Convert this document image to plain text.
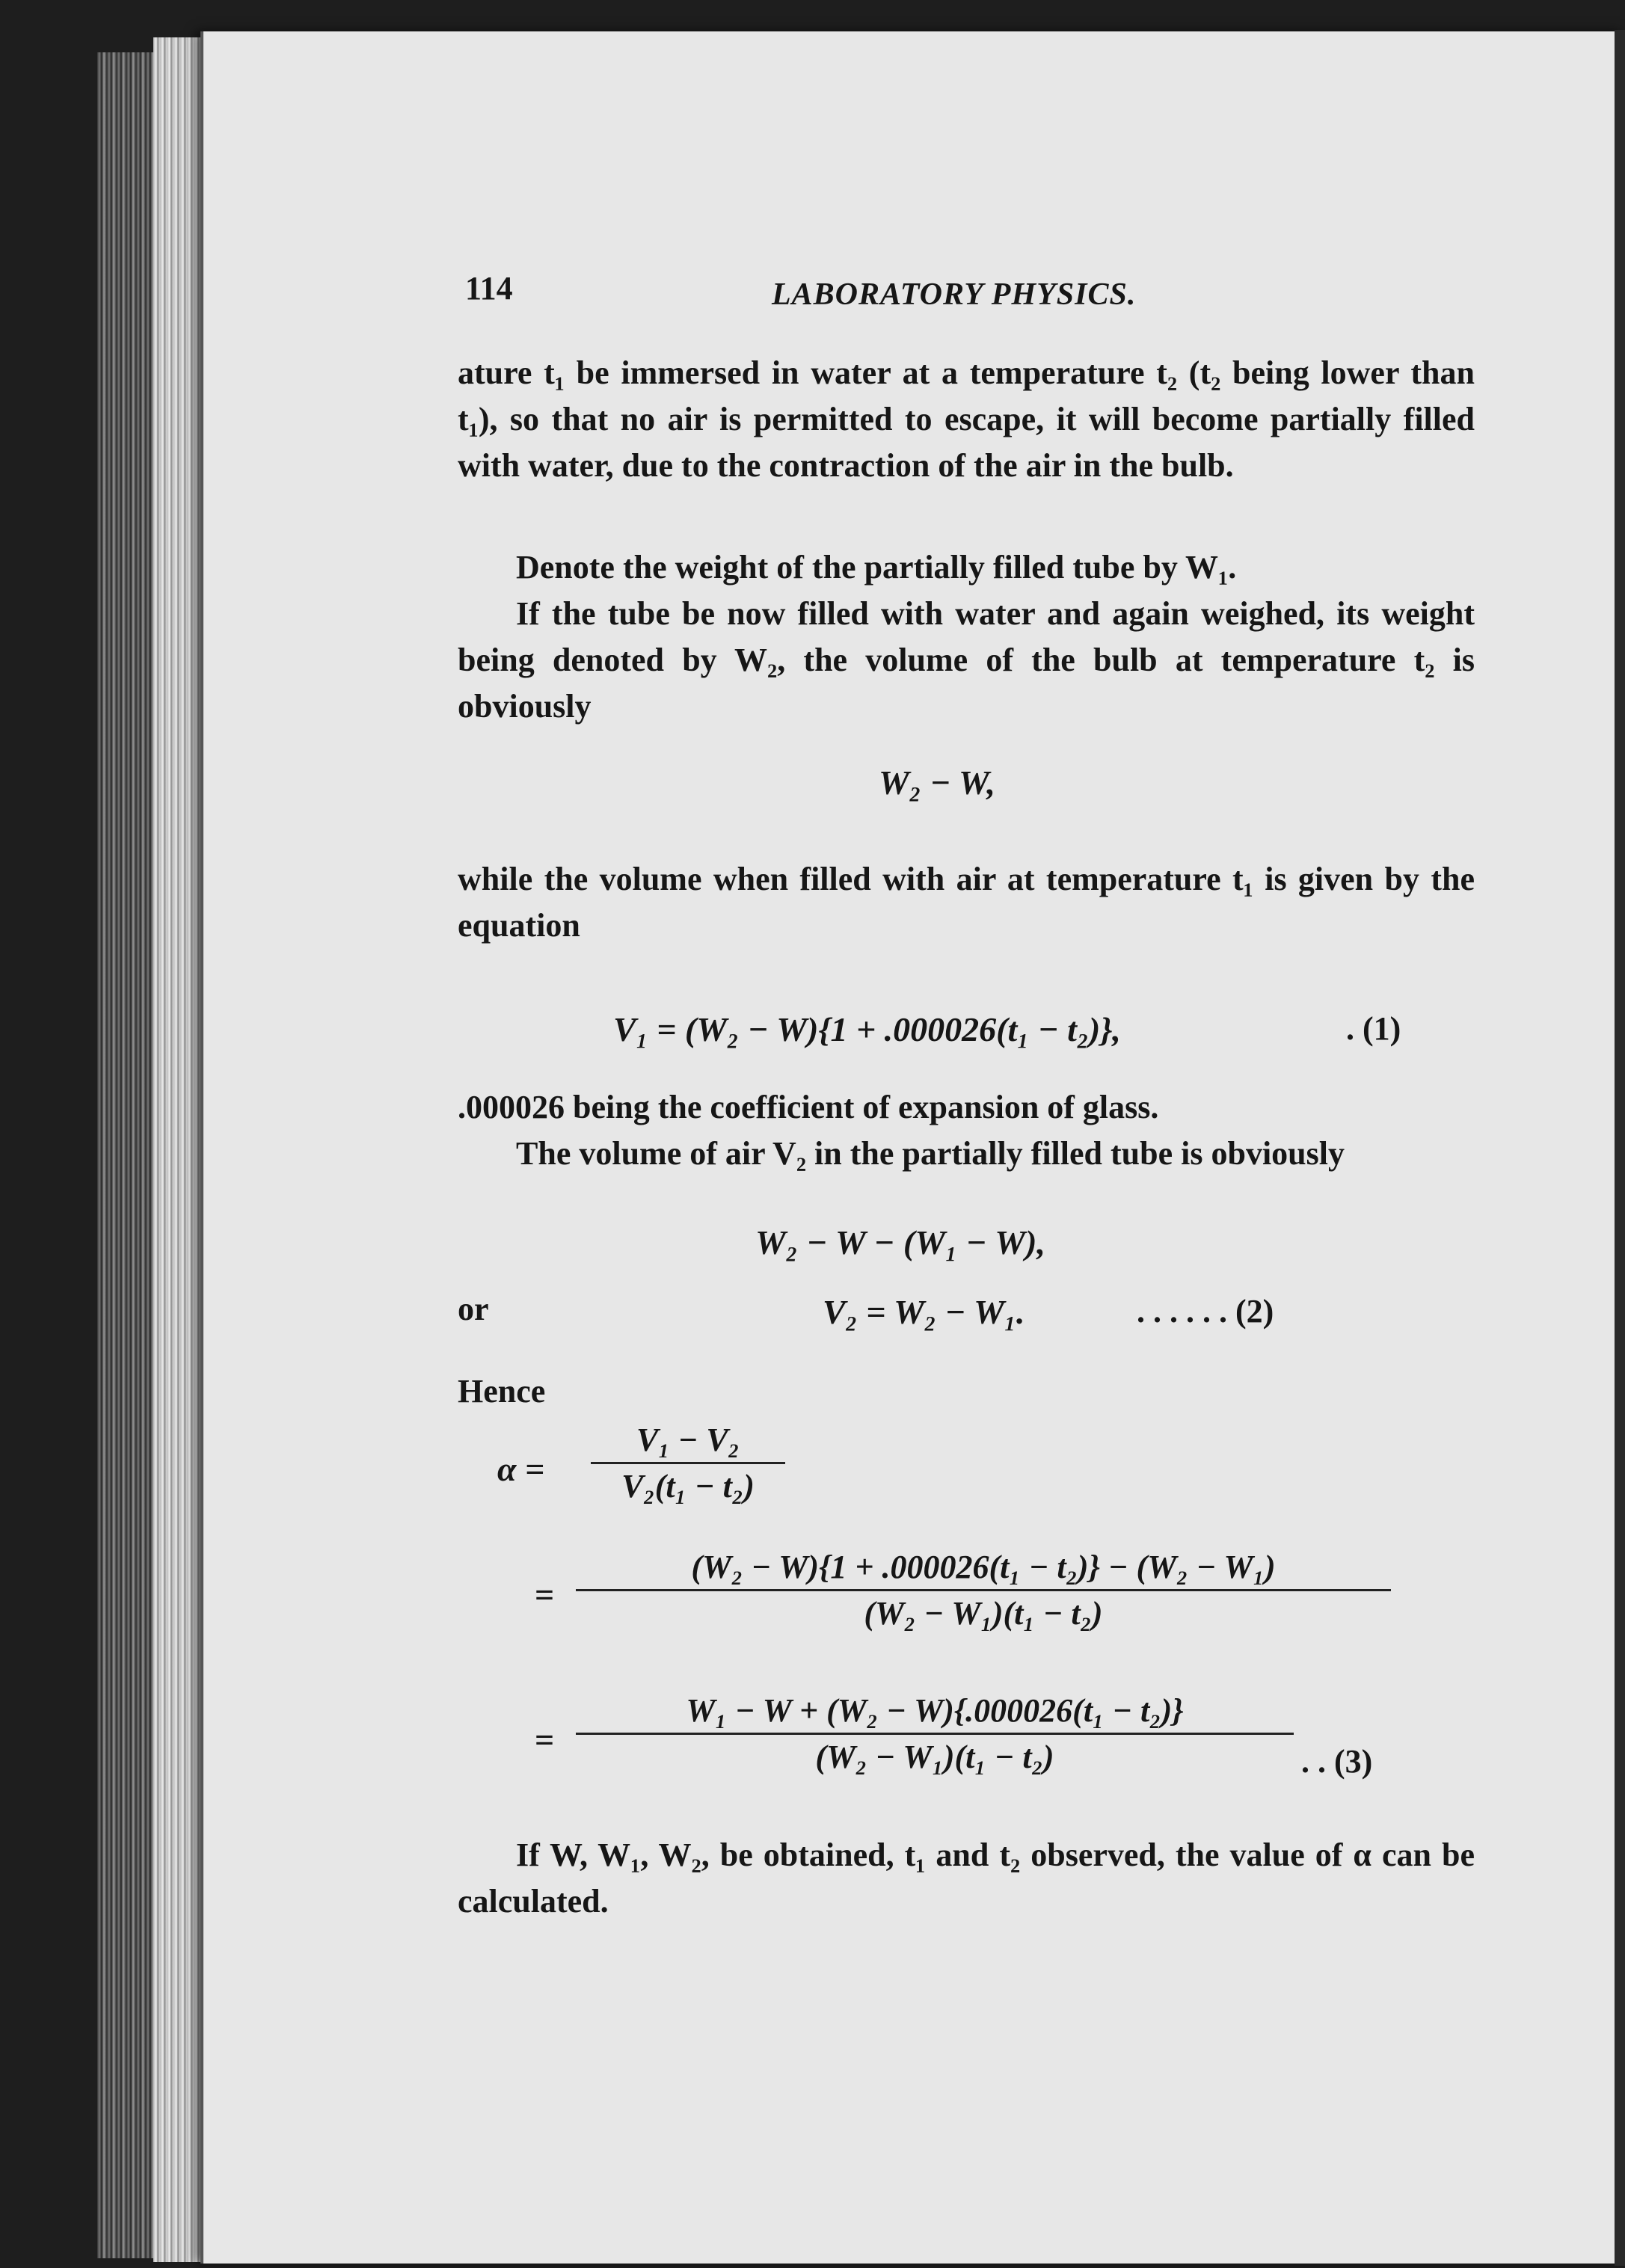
114	LABORATORY PHYSICS.
ature t₁ be immersed in water at a temperature t₂ (t₂ being lower than t₁), so that no air is permitted to escape, it will become partially filled with water, due to the contraction of the air in the bulb.
Denote the weight of the partially filled tube by W₁.
If the tube be now filled with water and again weighed, its weight being denoted by W₂, the volume of the bulb at temperature t₂ is obviously
W₂ − W,
while the volume when filled with air at temperature t₁ is given by the equation
V₁ = (W₂ − W){1 + .000026(t₁ − t₂)},	. (1)
.000026 being the coefficient of expansion of glass.
The volume of air V₂ in the partially filled tube is obviously
W₂ − W − (W₁ − W),
or	V₂ = W₂ − W₁.	. . . . . . (2)
Hence
$\alpha = \frac{\text{V₁ − V₂}}{\text{V₂(t₁ − t₂)}}$
= $\frac{\text{(W₂ − W)\{1 + .000026(t₁ − t₂)\} − (W₂ − W₁)}}{\text{(W₂ − W₁)(t₁ − t₂)}}$
= $\frac{\text{W₁ − W + (W₂ − W)\{.000026(t₁ − t₂)\}}}{\text{(W₂ − W₁)(t₁ − t₂)}}$ . . (3)
If W, W₁, W₂, be obtained, t₁ and t₂ observed, the value of α can be calculated.
